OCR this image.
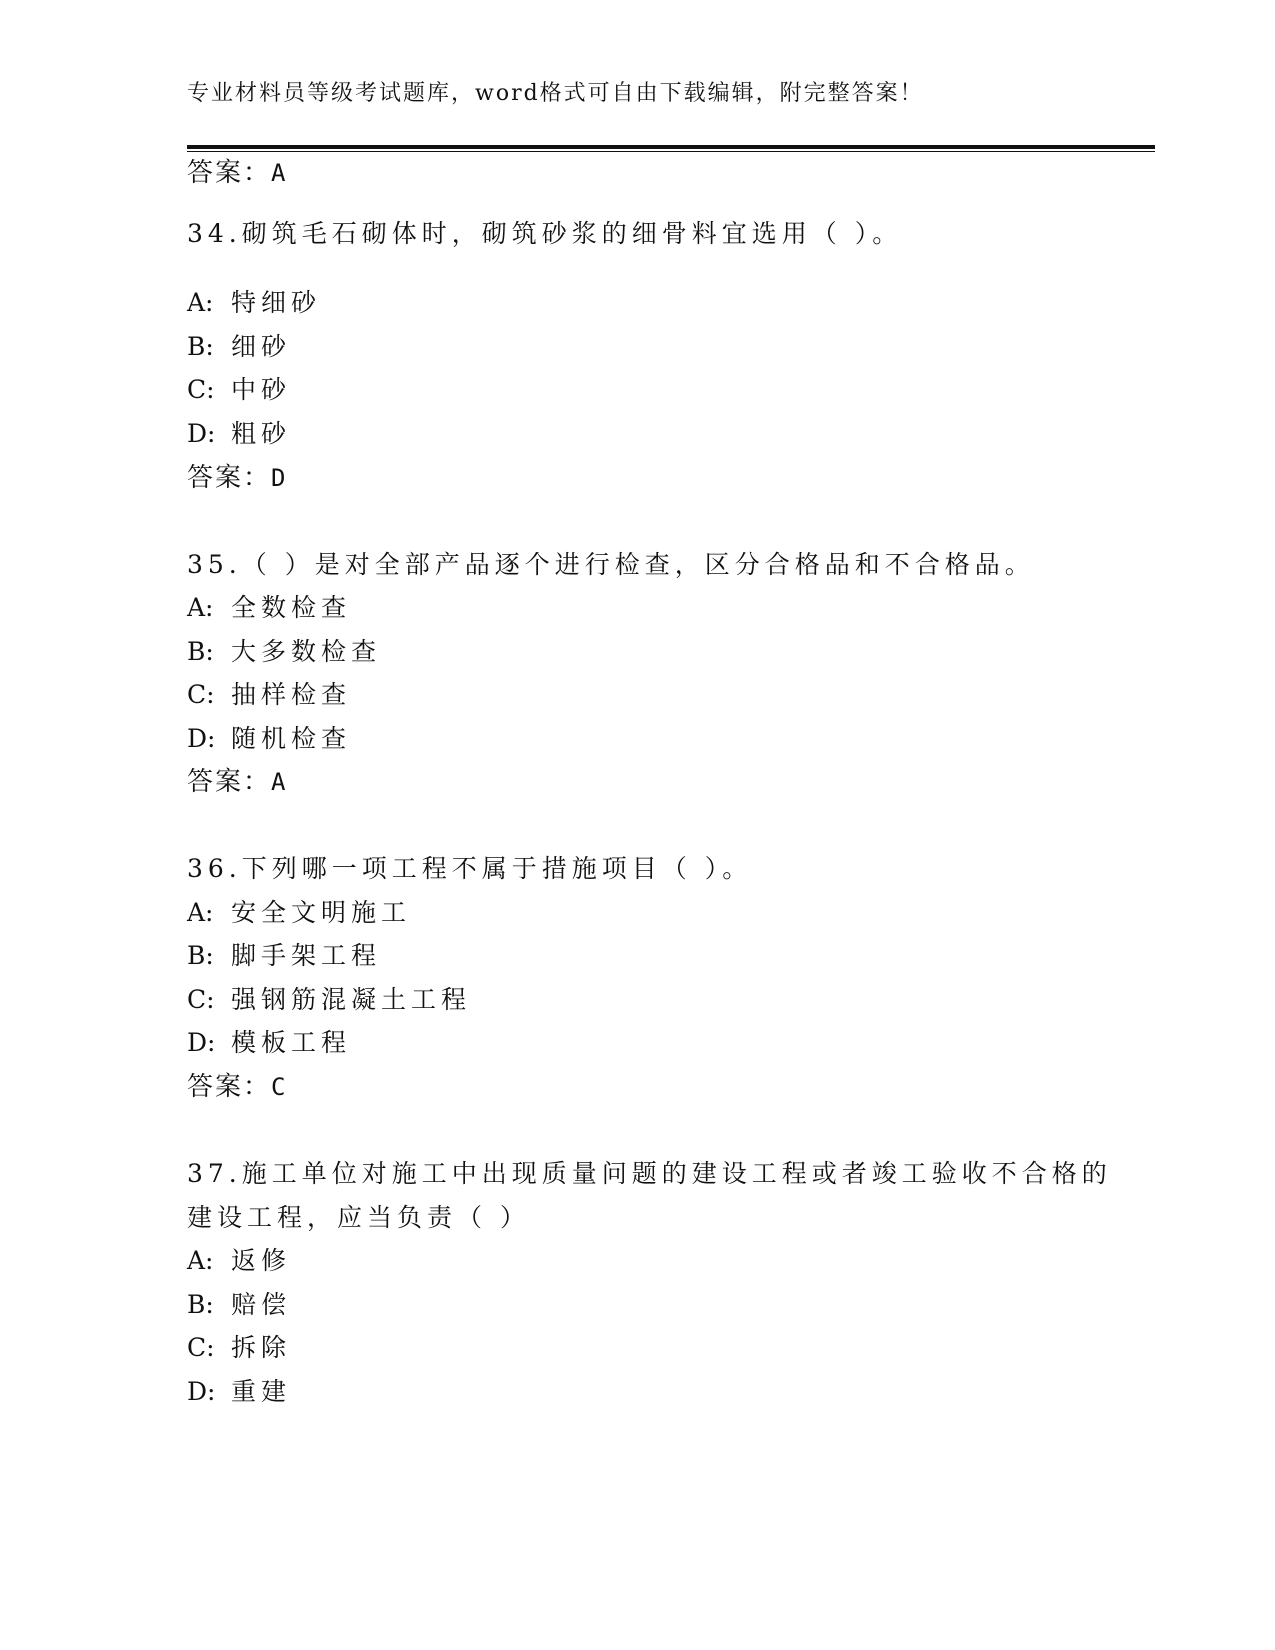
专业材料员等级考试题库，word格式可自由下载编辑，附完整答案！
答案：A
34.砌筑毛石砌体时，砌筑砂浆的细骨料宜选用（ ）。
A: 特细砂
B: 细砂
C: 中砂
D: 粗砂
答案：D
35.（ ）是对全部产品逐个进行检查，区分合格品和不合格品。
A: 全数检查
B: 大多数检查
C: 抽样检查
D: 随机检查
答案：A
36.下列哪一项工程不属于措施项目（ ）。
A: 安全文明施工
B: 脚手架工程
C: 强钢筋混凝土工程
D: 模板工程
答案：C
37.施工单位对施工中出现质量问题的建设工程或者竣工验收不合格的
建设工程，应当负责（ ）
A: 返修
B: 赔偿
C: 拆除
D: 重建
